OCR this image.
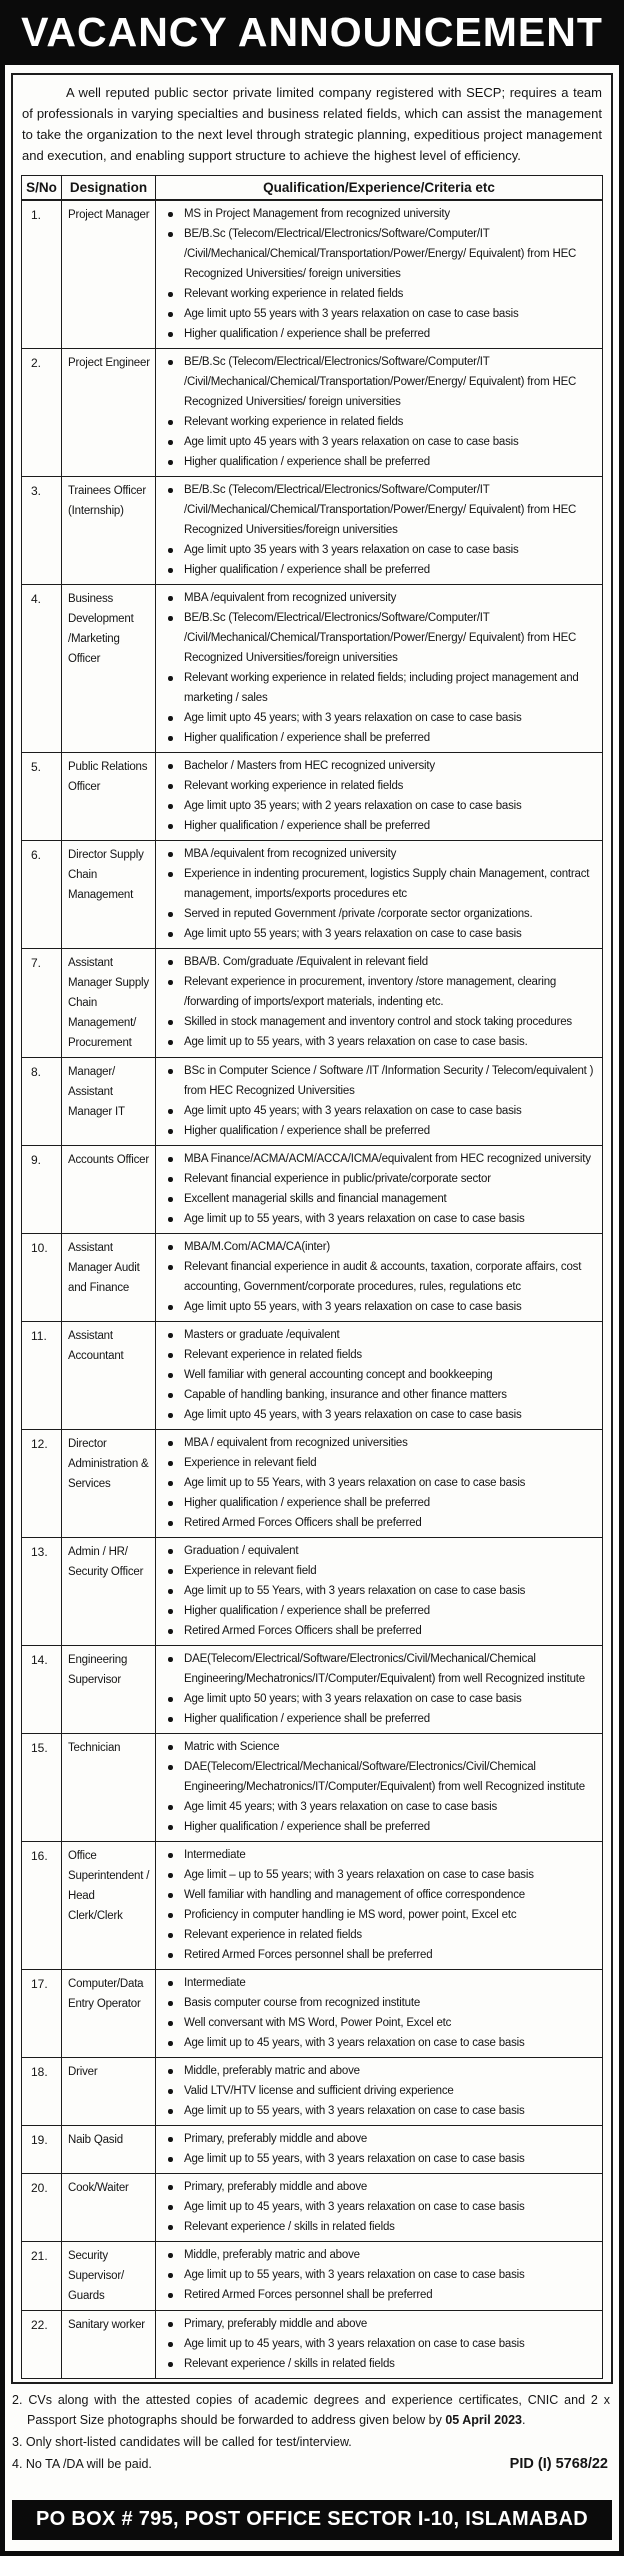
VACANCY ANNOUNCEMENT

A well reputed public sector private limited company registered with SECP; requires a team of professionals in varying specialties and business related fields, which can assist the management to take the organization to the next level through strategic planning, expeditious project management and execution, and enabling support structure to achieve the highest level of efficiency.

S/No	Designation	Qualification/Experience/Criteria etc
1.	Project Manager	MS in Project Management from recognized university
BE/B.Sc (Telecom/Electrical/Electronics/Software/Computer/IT /Civil/Mechanical/Chemical/Transportation/Power/Energy/ Equivalent) from HEC Recognized Universities/ foreign universities
Relevant working experience in related fields
Age limit upto 55 years with 3 years relaxation on case to case basis
Higher qualification / experience shall be preferred

2.	Project Engineer	BE/B.Sc (Telecom/Electrical/Electronics/Software/Computer/IT /Civil/Mechanical/Chemical/Transportation/Power/Energy/ Equivalent) from HEC Recognized Universities/ foreign universities
Relevant working experience in related fields
Age limit upto 45 years with 3 years relaxation on case to case basis
Higher qualification / experience shall be preferred

3.	Trainees Officer (Internship)	
BE/B.Sc (Telecom/Electrical/Electronics/Software/Computer/IT /Civil/Mechanical/Chemical/Transportation/Power/Energy/ Equivalent) from HEC Recognized Universities/foreign universities
Age limit upto 35 years with 3 years relaxation on case to case basis
Higher qualification / experience shall be preferred

4.	Business Development /Marketing Officer	
MBA /equivalent from recognized university
BE/B.Sc (Telecom/Electrical/Electronics/Software/Computer/IT /Civil/Mechanical/Chemical/Transportation/Power/Energy/ Equivalent) from HEC Recognized Universities/foreign universities
Relevant working experience in related fields; including project management and marketing / sales
Age limit upto 45 years; with 3 years relaxation on case to case basis
Higher qualification / experience shall be preferred

5.	Public Relations Officer	
Bachelor / Masters from HEC recognized university
Relevant working experience in related fields
Age limit upto 35 years; with 2 years relaxation on case to case basis
Higher qualification / experience shall be preferred

6.	Director Supply Chain Management	
MBA /equivalent from recognized university
Experience in indenting procurement, logistics Supply chain Management, contract management, imports/exports procedures etc
Served in reputed Government /private /corporate sector organizations.
Age limit upto 55 years; with 3 years relaxation on case to case basis

7.	Assistant Manager Supply Chain Management/ Procurement	
BBA/B. Com/graduate /Equivalent in relevant field
Relevant experience in procurement, inventory /store management, clearing /forwarding of imports/export materials, indenting etc.
Skilled in stock management and inventory control and stock taking procedures
Age limit up to 55 years, with 3 years relaxation on case to case basis.

8.	Manager/ Assistant Manager IT	
BSc in Computer Science / Software /IT /Information Security / Telecom/equivalent ) from HEC Recognized Universities
Age limit upto 45 years; with 3 years relaxation on case to case basis
Higher qualification / experience shall be preferred

9.	Accounts Officer	MBA Finance/ACMA/ACM/ACCA/ICMA/equivalent from HEC recognized university
Relevant financial experience in public/private/corporate sector
Excellent managerial skills and financial management
Age limit up to 55 years, with 3 years relaxation on case to case basis

10.	Assistant Manager Audit and Finance	
MBA/M.Com/ACMA/CA(inter)
Relevant financial experience in audit & accounts, taxation, corporate affairs, cost accounting, Government/corporate procedures, rules, regulations etc
Age limit upto 55 years, with 3 years relaxation on case to case basis

11.	Assistant Accountant	
Masters or graduate /equivalent
Relevant experience in related fields
Well familiar with general accounting concept and bookkeeping
Capable of handling banking, insurance and other finance matters
Age limit upto 45 years, with 3 years relaxation on case to case basis

12.	Director Administration & Services	
MBA / equivalent from recognized universities
Experience in relevant field
Age limit up to 55 Years, with 3 years relaxation on case to case basis
Higher qualification / experience shall be preferred
Retired Armed Forces Officers shall be preferred

13.	Admin / HR/ Security Officer	
Graduation / equivalent
Experience in relevant field
Age limit up to 55 Years, with 3 years relaxation on case to case basis
Higher qualification / experience shall be preferred
Retired Armed Forces Officers shall be preferred

14.	Engineering Supervisor	
DAE(Telecom/Electrical/Software/Electronics/Civil/Mechanical/Chemical Engineering/Mechatronics/IT/Computer/Equivalent) from well Recognized institute
Age limit upto 50 years; with 3 years relaxation on case to case basis
Higher qualification / experience shall be preferred

15.	Technician	Matric with Science
DAE(Telecom/Electrical/Mechanical/Software/Electronics/Civil/Chemical Engineering/Mechatronics/IT/Computer/Equivalent) from well Recognized institute
Age limit 45 years; with 3 years relaxation on case to case basis
Higher qualification / experience shall be preferred

16.	Office Superintendent / Head Clerk/Clerk	
Intermediate
Age limit – up to 55 years; with 3 years relaxation on case to case basis
Well familiar with handling and management of office correspondence
Proficiency in computer handling ie MS word, power point, Excel etc
Relevant experience in related fields
Retired Armed Forces personnel shall be preferred

17.	Computer/Data Entry Operator	
Intermediate
Basis computer course from recognized institute
Well conversant with MS Word, Power Point, Excel etc
Age limit up to 45 years, with 3 years relaxation on case to case basis

18.	Driver	Middle, preferably matric and above
Valid LTV/HTV license and sufficient driving experience
Age limit up to 55 years, with 3 years relaxation on case to case basis

19.	Naib Qasid	Primary, preferably middle and above
Age limit up to 55 years, with 3 years relaxation on case to case basis

20.	Cook/Waiter	Primary, preferably middle and above
Age limit up to 45 years, with 3 years relaxation on case to case basis
Relevant experience / skills in related fields

21.	Security Supervisor/ Guards	
Middle, preferably matric and above
Age limit up to 55 years, with 3 years relaxation on case to case basis
Retired Armed Forces personnel shall be preferred

22.	Sanitary worker	Primary, preferably middle and above
Age limit up to 45 years, with 3 years relaxation on case to case basis
Relevant experience / skills in related fields
2. CVs along with the attested copies of academic degrees and experience certificates, CNIC and 2 x Passport Size photographs should be forwarded to address given below by 05 April 2023.
3. Only short-listed candidates will be called for test/interview.
4. No TA /DA will be paid.	PID (I) 5768/22
PO BOX # 795, POST OFFICE SECTOR I-10, ISLAMABAD
